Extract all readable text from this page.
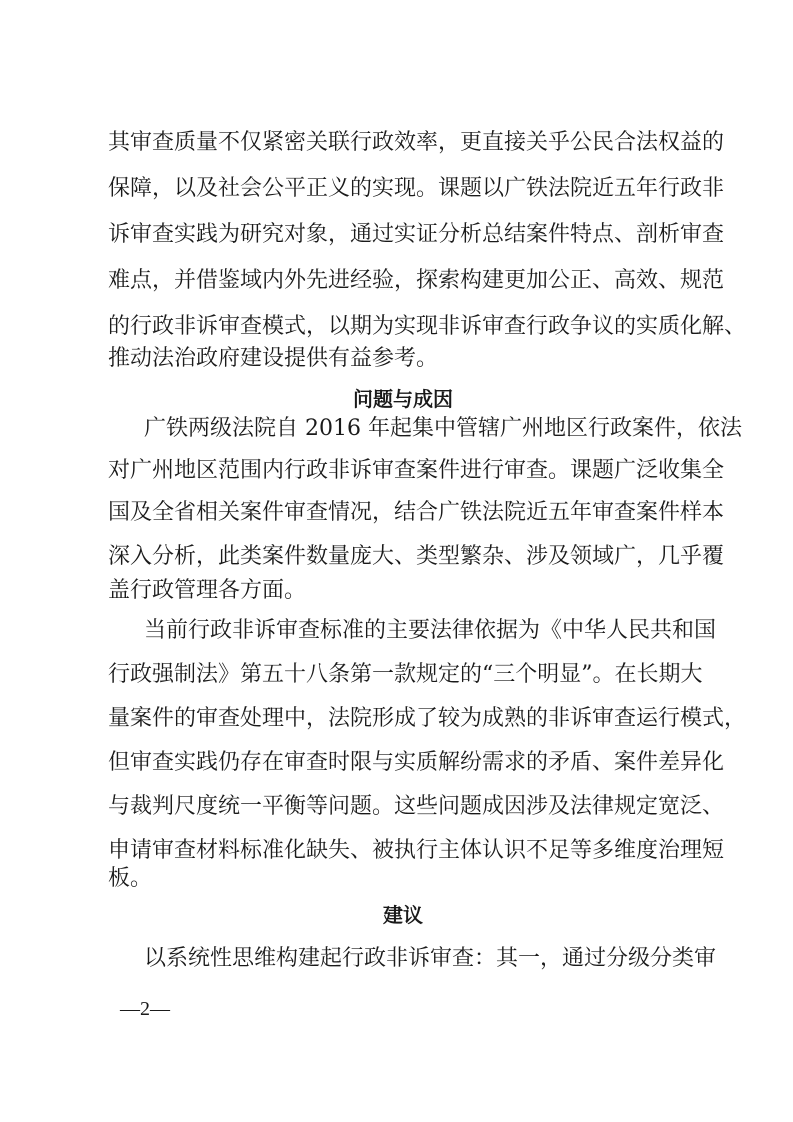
其审查质量不仅紧密关联行政效率，更直接关乎公民合法权益的
保障，以及社会公平正义的实现。课题以广铁法院近五年行政非
诉审查实践为研究对象，通过实证分析总结案件特点、剖析审查
难点，并借鉴域内外先进经验，探索构建更加公正、高效、规范
的行政非诉审查模式，以期为实现非诉审查行政争议的实质化解、
推动法治政府建设提供有益参考。
问题与成因
广铁两级法院自 2016 年起集中管辖广州地区行政案件，依法
对广州地区范围内行政非诉审查案件进行审查。课题广泛收集全
国及全省相关案件审查情况，结合广铁法院近五年审查案件样本
深入分析，此类案件数量庞大、类型繁杂、涉及领域广，几乎覆
盖行政管理各方面。
当前行政非诉审查标准的主要法律依据为《中华人民共和国
行政强制法》第五十八条第一款规定的“三个明显”。在长期大
量案件的审查处理中，法院形成了较为成熟的非诉审查运行模式，
但审查实践仍存在审查时限与实质解纷需求的矛盾、案件差异化
与裁判尺度统一平衡等问题。这些问题成因涉及法律规定宽泛、
申请审查材料标准化缺失、被执行主体认识不足等多维度治理短
板。
建议
以系统性思维构建起行政非诉审查：其一，通过分级分类审
—2—
